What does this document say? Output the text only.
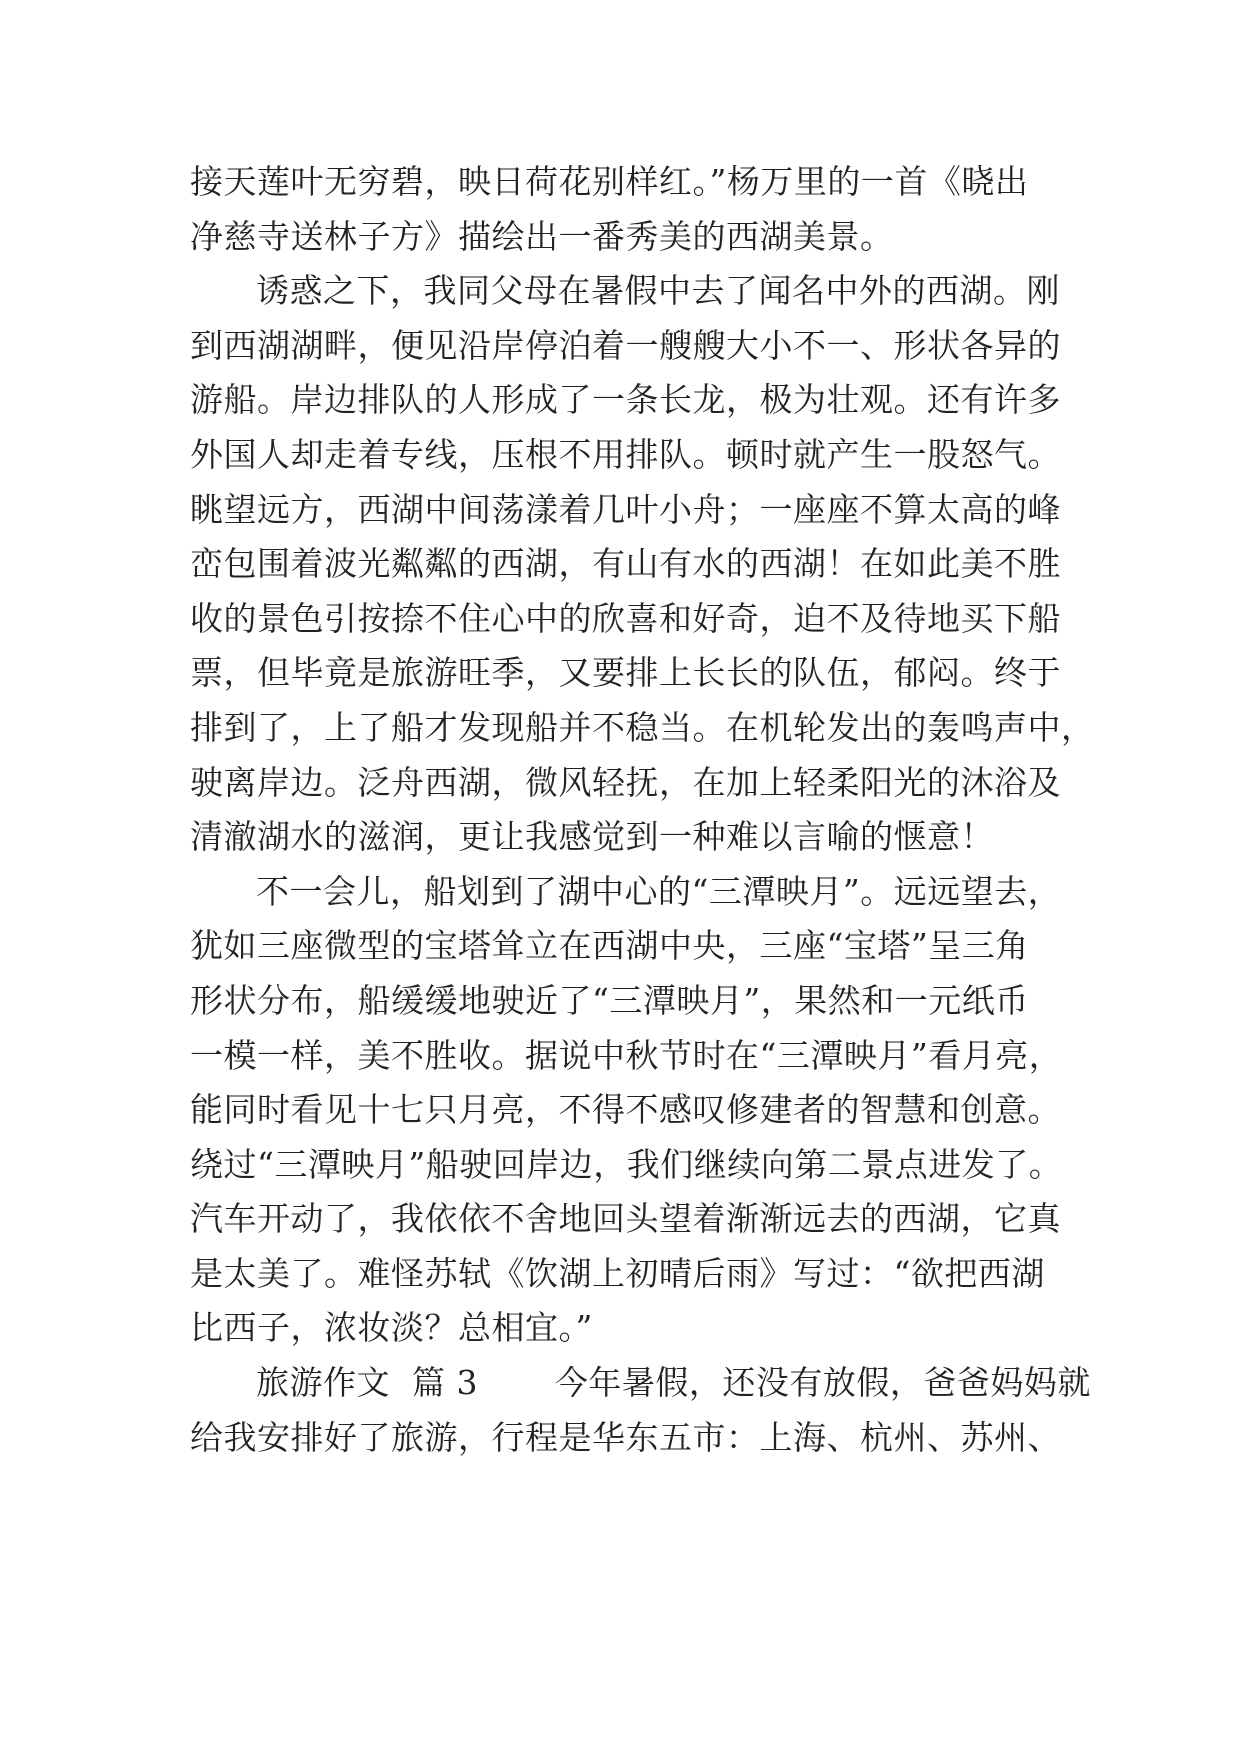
接天莲叶无穷碧，映日荷花别样红。”杨万里的一首《晓出
净慈寺送林子方》描绘出一番秀美的西湖美景。
诱惑之下，我同父母在暑假中去了闻名中外的西湖。刚
到西湖湖畔，便见沿岸停泊着一艘艘大小不一、形状各异的
游船。岸边排队的人形成了一条长龙，极为壮观。还有许多
外国人却走着专线，压根不用排队。顿时就产生一股怒气。
眺望远方，西湖中间荡漾着几叶小舟；一座座不算太高的峰
峦包围着波光粼粼的西湖，有山有水的西湖！在如此美不胜
收的景色引按捺不住心中的欣喜和好奇，迫不及待地买下船
票，但毕竟是旅游旺季，又要排上长长的队伍，郁闷。终于
排到了，上了船才发现船并不稳当。在机轮发出的轰鸣声中，
驶离岸边。泛舟西湖，微风轻抚，在加上轻柔阳光的沐浴及
清澈湖水的滋润，更让我感觉到一种难以言喻的惬意！
不一会儿，船划到了湖中心的“三潭映月”。远远望去，
犹如三座微型的宝塔耸立在西湖中央，三座“宝塔”呈三角
形状分布，船缓缓地驶近了“三潭映月”，果然和一元纸币
一模一样，美不胜收。据说中秋节时在“三潭映月”看月亮，
能同时看见十七只月亮，不得不感叹修建者的智慧和创意。
绕过“三潭映月”船驶回岸边，我们继续向第二景点进发了。
汽车开动了，我依依不舍地回头望着渐渐远去的西湖，它真
是太美了。难怪苏轼《饮湖上初晴后雨》写过：“欲把西湖
比西子，浓妆淡？总相宜。”
旅游作文  篇 3       今年暑假，还没有放假，爸爸妈妈就
给我安排好了旅游，行程是华东五市：上海、杭州、苏州、
